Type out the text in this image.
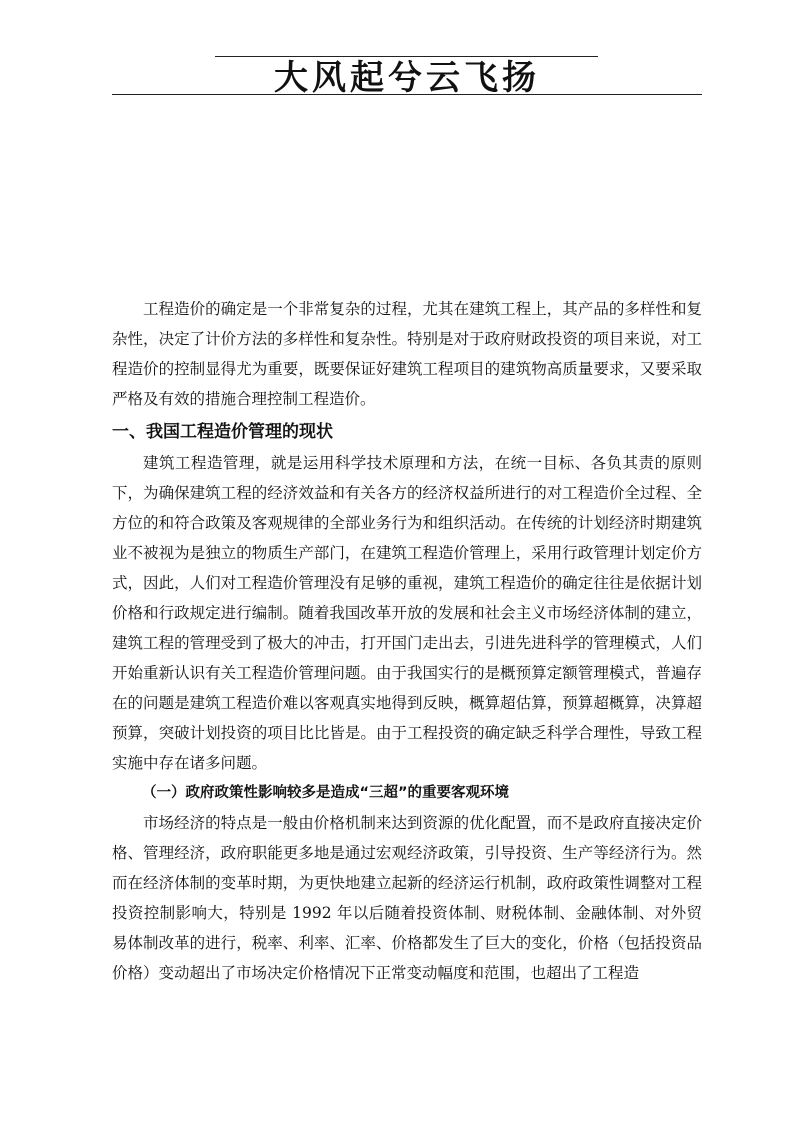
大风起兮云飞扬

工程造价的确定是一个非常复杂的过程，尤其在建筑工程上，其产品的多样性和复杂性，决定了计价方法的多样性和复杂性。特别是对于政府财政投资的项目来说，对工程造价的控制显得尤为重要，既要保证好建筑工程项目的建筑物高质量要求，又要采取严格及有效的措施合理控制工程造价。

一、我国工程造价管理的现状

建筑工程造管理，就是运用科学技术原理和方法，在统一目标、各负其责的原则下，为确保建筑工程的经济效益和有关各方的经济权益所进行的对工程造价全过程、全方位的和符合政策及客观规律的全部业务行为和组织活动。在传统的计划经济时期建筑业不被视为是独立的物质生产部门，在建筑工程造价管理上，采用行政管理计划定价方式，因此，人们对工程造价管理没有足够的重视，建筑工程造价的确定往往是依据计划价格和行政规定进行编制。随着我国改革开放的发展和社会主义市场经济体制的建立，建筑工程的管理受到了极大的冲击，打开国门走出去，引进先进科学的管理模式，人们开始重新认识有关工程造价管理问题。由于我国实行的是概预算定额管理模式，普遍存在的问题是建筑工程造价难以客观真实地得到反映，概算超估算，预算超概算，决算超预算，突破计划投资的项目比比皆是。由于工程投资的确定缺乏科学合理性，导致工程实施中存在诸多问题。

（一）政府政策性影响较多是造成“三超”的重要客观环境

市场经济的特点是一般由价格机制来达到资源的优化配置，而不是政府直接决定价格、管理经济，政府职能更多地是通过宏观经济政策，引导投资、生产等经济行为。然而在经济体制的变革时期，为更快地建立起新的经济运行机制，政府政策性调整对工程投资控制影响大，特别是 1992 年以后随着投资体制、财税体制、金融体制、对外贸易体制改革的进行，税率、利率、汇率、价格都发生了巨大的变化，价格（包括投资品价格）变动超出了市场决定价格情况下正常变动幅度和范围，也超出了工程造
